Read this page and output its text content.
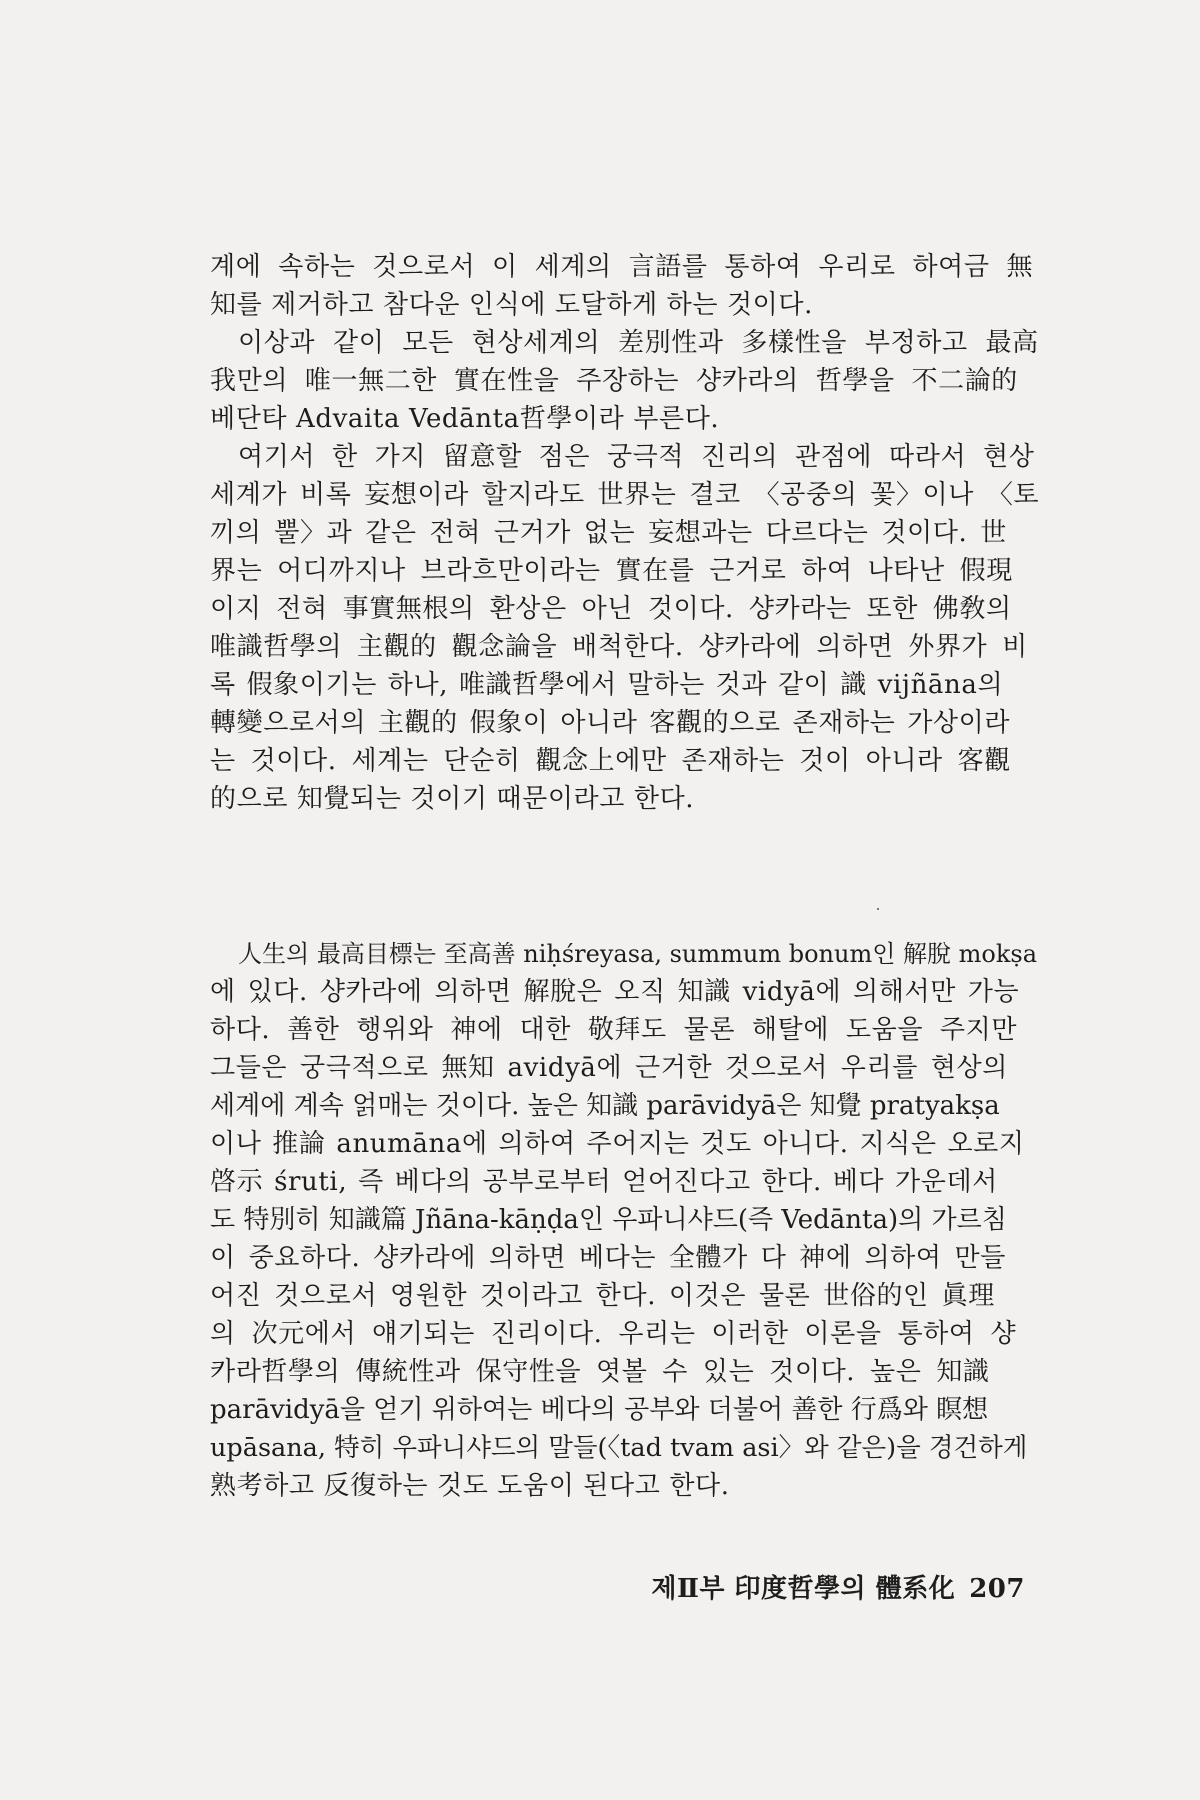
계에 속하는 것으로서 이 세계의 言語를 통하여 우리로 하여금 無
知를 제거하고 참다운 인식에 도달하게 하는 것이다.
이상과 같이 모든 현상세계의 差別性과 多樣性을 부정하고 最高
我만의 唯一無二한 實在性을 주장하는 샹카라의 哲學을 不二論的
베단타 Advaita Vedānta哲學이라 부른다.
여기서 한 가지 留意할 점은 궁극적 진리의 관점에 따라서 현상
세계가 비록 妄想이라 할지라도 世界는 결코 〈공중의 꽃〉이나 〈토
끼의 뿔〉과 같은 전혀 근거가 없는 妄想과는 다르다는 것이다. 世
界는 어디까지나 브라흐만이라는 實在를 근거로 하여 나타난 假現
이지 전혀 事實無根의 환상은 아닌 것이다. 샹카라는 또한 佛敎의
唯識哲學의 主觀的 觀念論을 배척한다. 샹카라에 의하면 外界가 비
록 假象이기는 하나, 唯識哲學에서 말하는 것과 같이 識 vijñāna의
轉變으로서의 主觀的 假象이 아니라 客觀的으로 존재하는 가상이라
는 것이다. 세계는 단순히 觀念上에만 존재하는 것이 아니라 客觀
的으로 知覺되는 것이기 때문이라고 한다.
人生의 最高目標는 至高善 niḥśreyasa, summum bonum인 解脫 mokṣa
에 있다. 샹카라에 의하면 解脫은 오직 知識 vidyā에 의해서만 가능
하다. 善한 행위와 神에 대한 敬拜도 물론 해탈에 도움을 주지만
그들은 궁극적으로 無知 avidyā에 근거한 것으로서 우리를 현상의
세계에 계속 얽매는 것이다. 높은 知識 parāvidyā은 知覺 pratyakṣa
이나 推論 anumāna에 의하여 주어지는 것도 아니다. 지식은 오로지
啓示 śruti, 즉 베다의 공부로부터 얻어진다고 한다. 베다 가운데서
도 特別히 知識篇 Jñāna-kāṇḍa인 우파니샤드(즉 Vedānta)의 가르침
이 중요하다. 샹카라에 의하면 베다는 全體가 다 神에 의하여 만들
어진 것으로서 영원한 것이라고 한다. 이것은 물론 世俗的인 眞理
의 次元에서 얘기되는 진리이다. 우리는 이러한 이론을 통하여 샹
카라哲學의 傳統性과 保守性을 엿볼 수 있는 것이다. 높은 知識
parāvidyā을 얻기 위하여는 베다의 공부와 더불어 善한 行爲와 瞑想
upāsana, 特히 우파니샤드의 말들(〈tad tvam asi〉와 같은)을 경건하게
熟考하고 反復하는 것도 도움이 된다고 한다.
제Ⅱ부 印度哲學의 體系化 207
